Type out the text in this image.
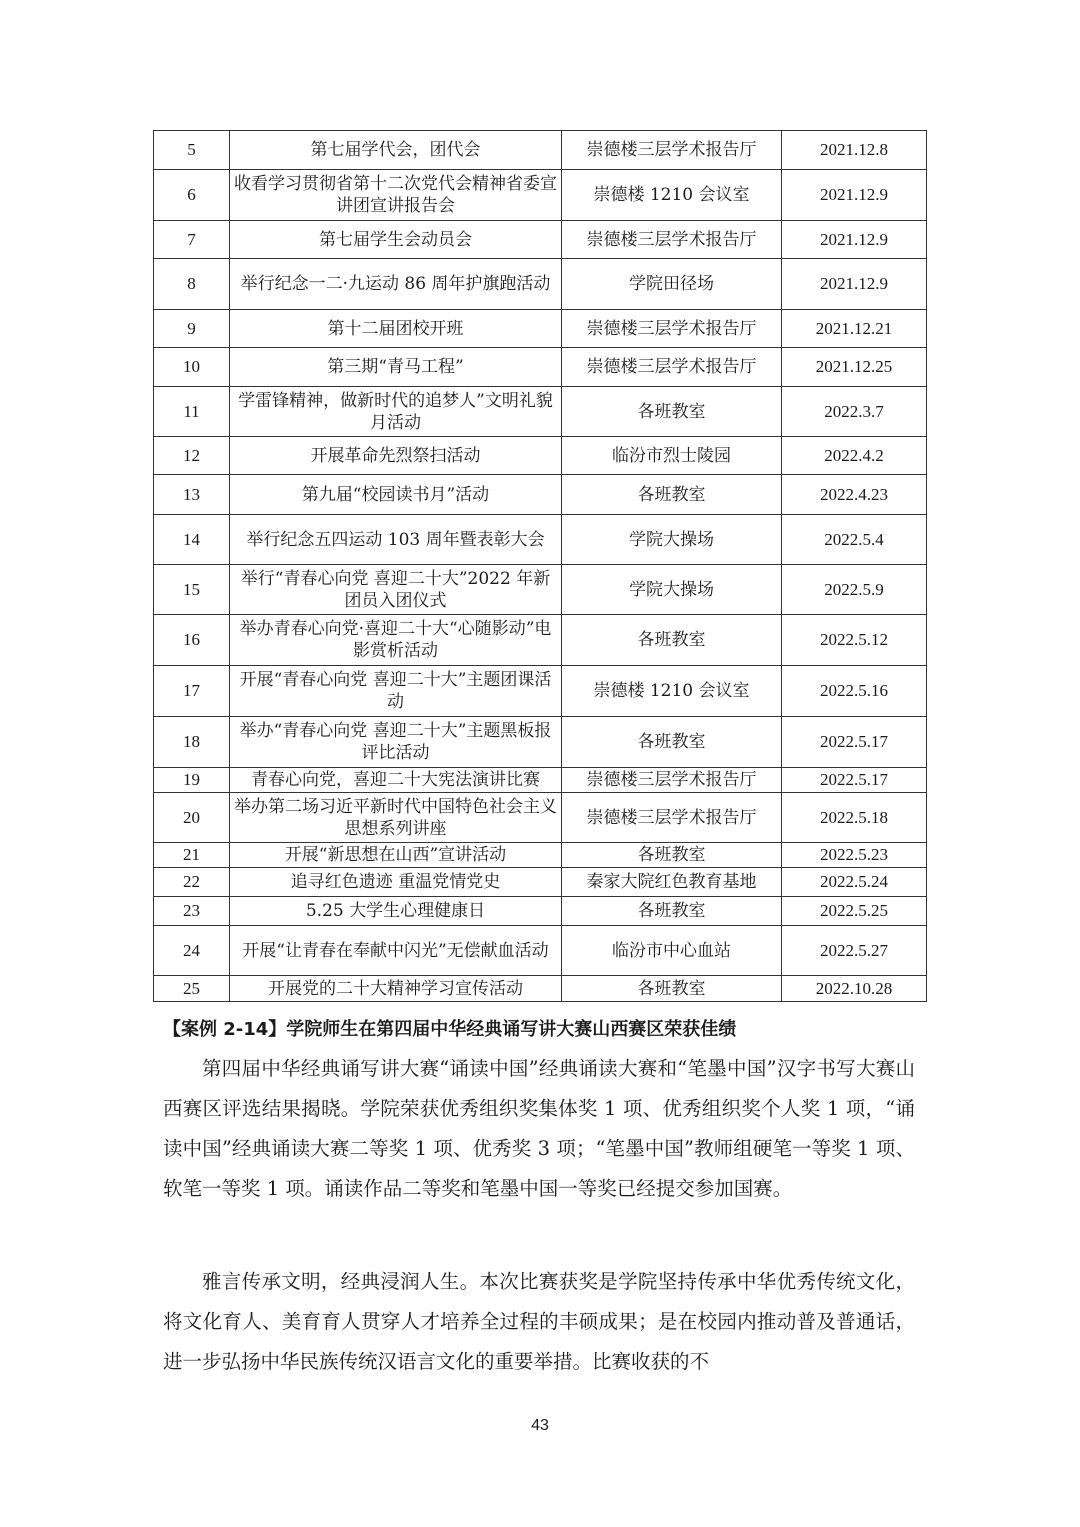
5	第七届学代会，团代会	崇德楼三层学术报告厅	2021.12.8
6	收看学习贯彻省第十二次党代会精神省委宣讲团宣讲报告会	崇德楼 1210 会议室	2021.12.9
7	第七届学生会动员会	崇德楼三层学术报告厅	2021.12.9
8	举行纪念一二·九运动 86 周年护旗跑活动	学院田径场	2021.12.9
9	第十二届团校开班	崇德楼三层学术报告厅	2021.12.21
10	第三期“青马工程”	崇德楼三层学术报告厅	2021.12.25
11	学雷锋精神，做新时代的追梦人”文明礼貌月活动	各班教室	2022.3.7
12	开展革命先烈祭扫活动	临汾市烈士陵园	2022.4.2
13	第九届“校园读书月”活动	各班教室	2022.4.23
14	举行纪念五四运动 103 周年暨表彰大会	学院大操场	2022.5.4
15	举行“青春心向党 喜迎二十大”2022 年新团员入团仪式	学院大操场	2022.5.9
16	举办青春心向党·喜迎二十大“心随影动”电影赏析活动	各班教室	2022.5.12
17	开展“青春心向党 喜迎二十大”主题团课活动	崇德楼 1210 会议室	2022.5.16
18	举办“青春心向党 喜迎二十大”主题黑板报评比活动	各班教室	2022.5.17
19	青春心向党，喜迎二十大宪法演讲比赛	崇德楼三层学术报告厅	2022.5.17
20	举办第二场习近平新时代中国特色社会主义思想系列讲座	崇德楼三层学术报告厅	2022.5.18
21	开展“新思想在山西”宣讲活动	各班教室	2022.5.23
22	追寻红色遗迹 重温党情党史	秦家大院红色教育基地	2022.5.24
23	5.25 大学生心理健康日	各班教室	2022.5.25
24	开展“让青春在奉献中闪光”无偿献血活动	临汾市中心血站	2022.5.27
25	开展党的二十大精神学习宣传活动	各班教室	2022.10.28
【案例 2-14】学院师生在第四届中华经典诵写讲大赛山西赛区荣获佳绩

第四届中华经典诵写讲大赛“诵读中国”经典诵读大赛和“笔墨中国”汉字书写大赛山西赛区评选结果揭晓。学院荣获优秀组织奖集体奖 1 项、优秀组织奖个人奖 1 项，“诵读中国”经典诵读大赛二等奖 1 项、优秀奖 3 项；“笔墨中国”教师组硬笔一等奖 1 项、软笔一等奖 1 项。诵读作品二等奖和笔墨中国一等奖已经提交参加国赛。

雅言传承文明，经典浸润人生。本次比赛获奖是学院坚持传承中华优秀传统文化，将文化育人、美育育人贯穿人才培养全过程的丰硕成果；是在校园内推动普及普通话，进一步弘扬中华民族传统汉语言文化的重要举措。比赛收获的不

43
